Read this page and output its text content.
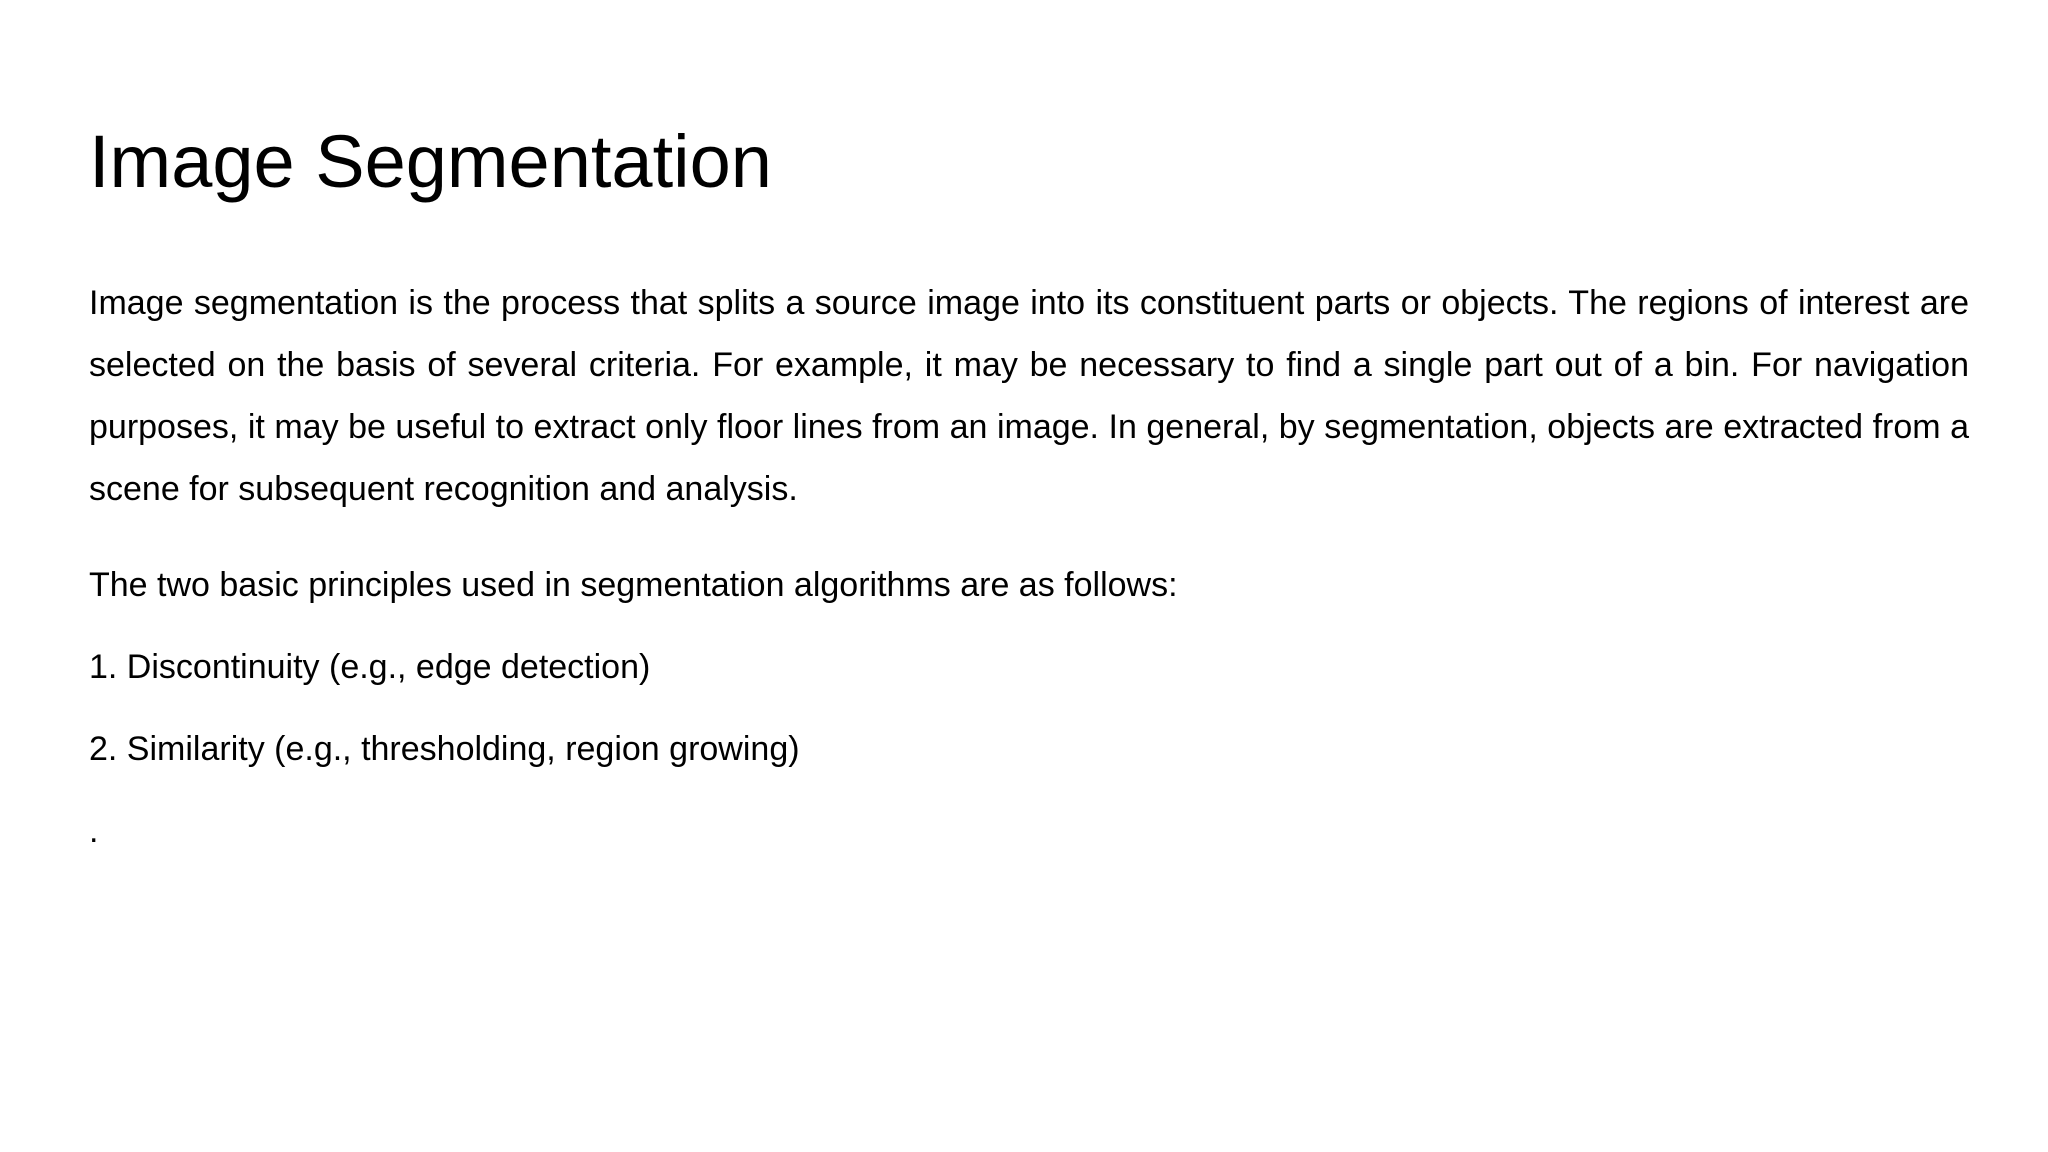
Image Segmentation

Image segmentation is the process that splits a source image into its constituent parts or objects. The regions of interest are selected on the basis of several criteria. For example, it may be necessary to find a single part out of a bin. For navigation purposes, it may be useful to extract only floor lines from an image. In general, by segmentation, objects are extracted from a scene for subsequent recognition and analysis.

The two basic principles used in segmentation algorithms are as follows:

1. Discontinuity (e.g., edge detection)
2. Similarity (e.g., thresholding, region growing)

.
